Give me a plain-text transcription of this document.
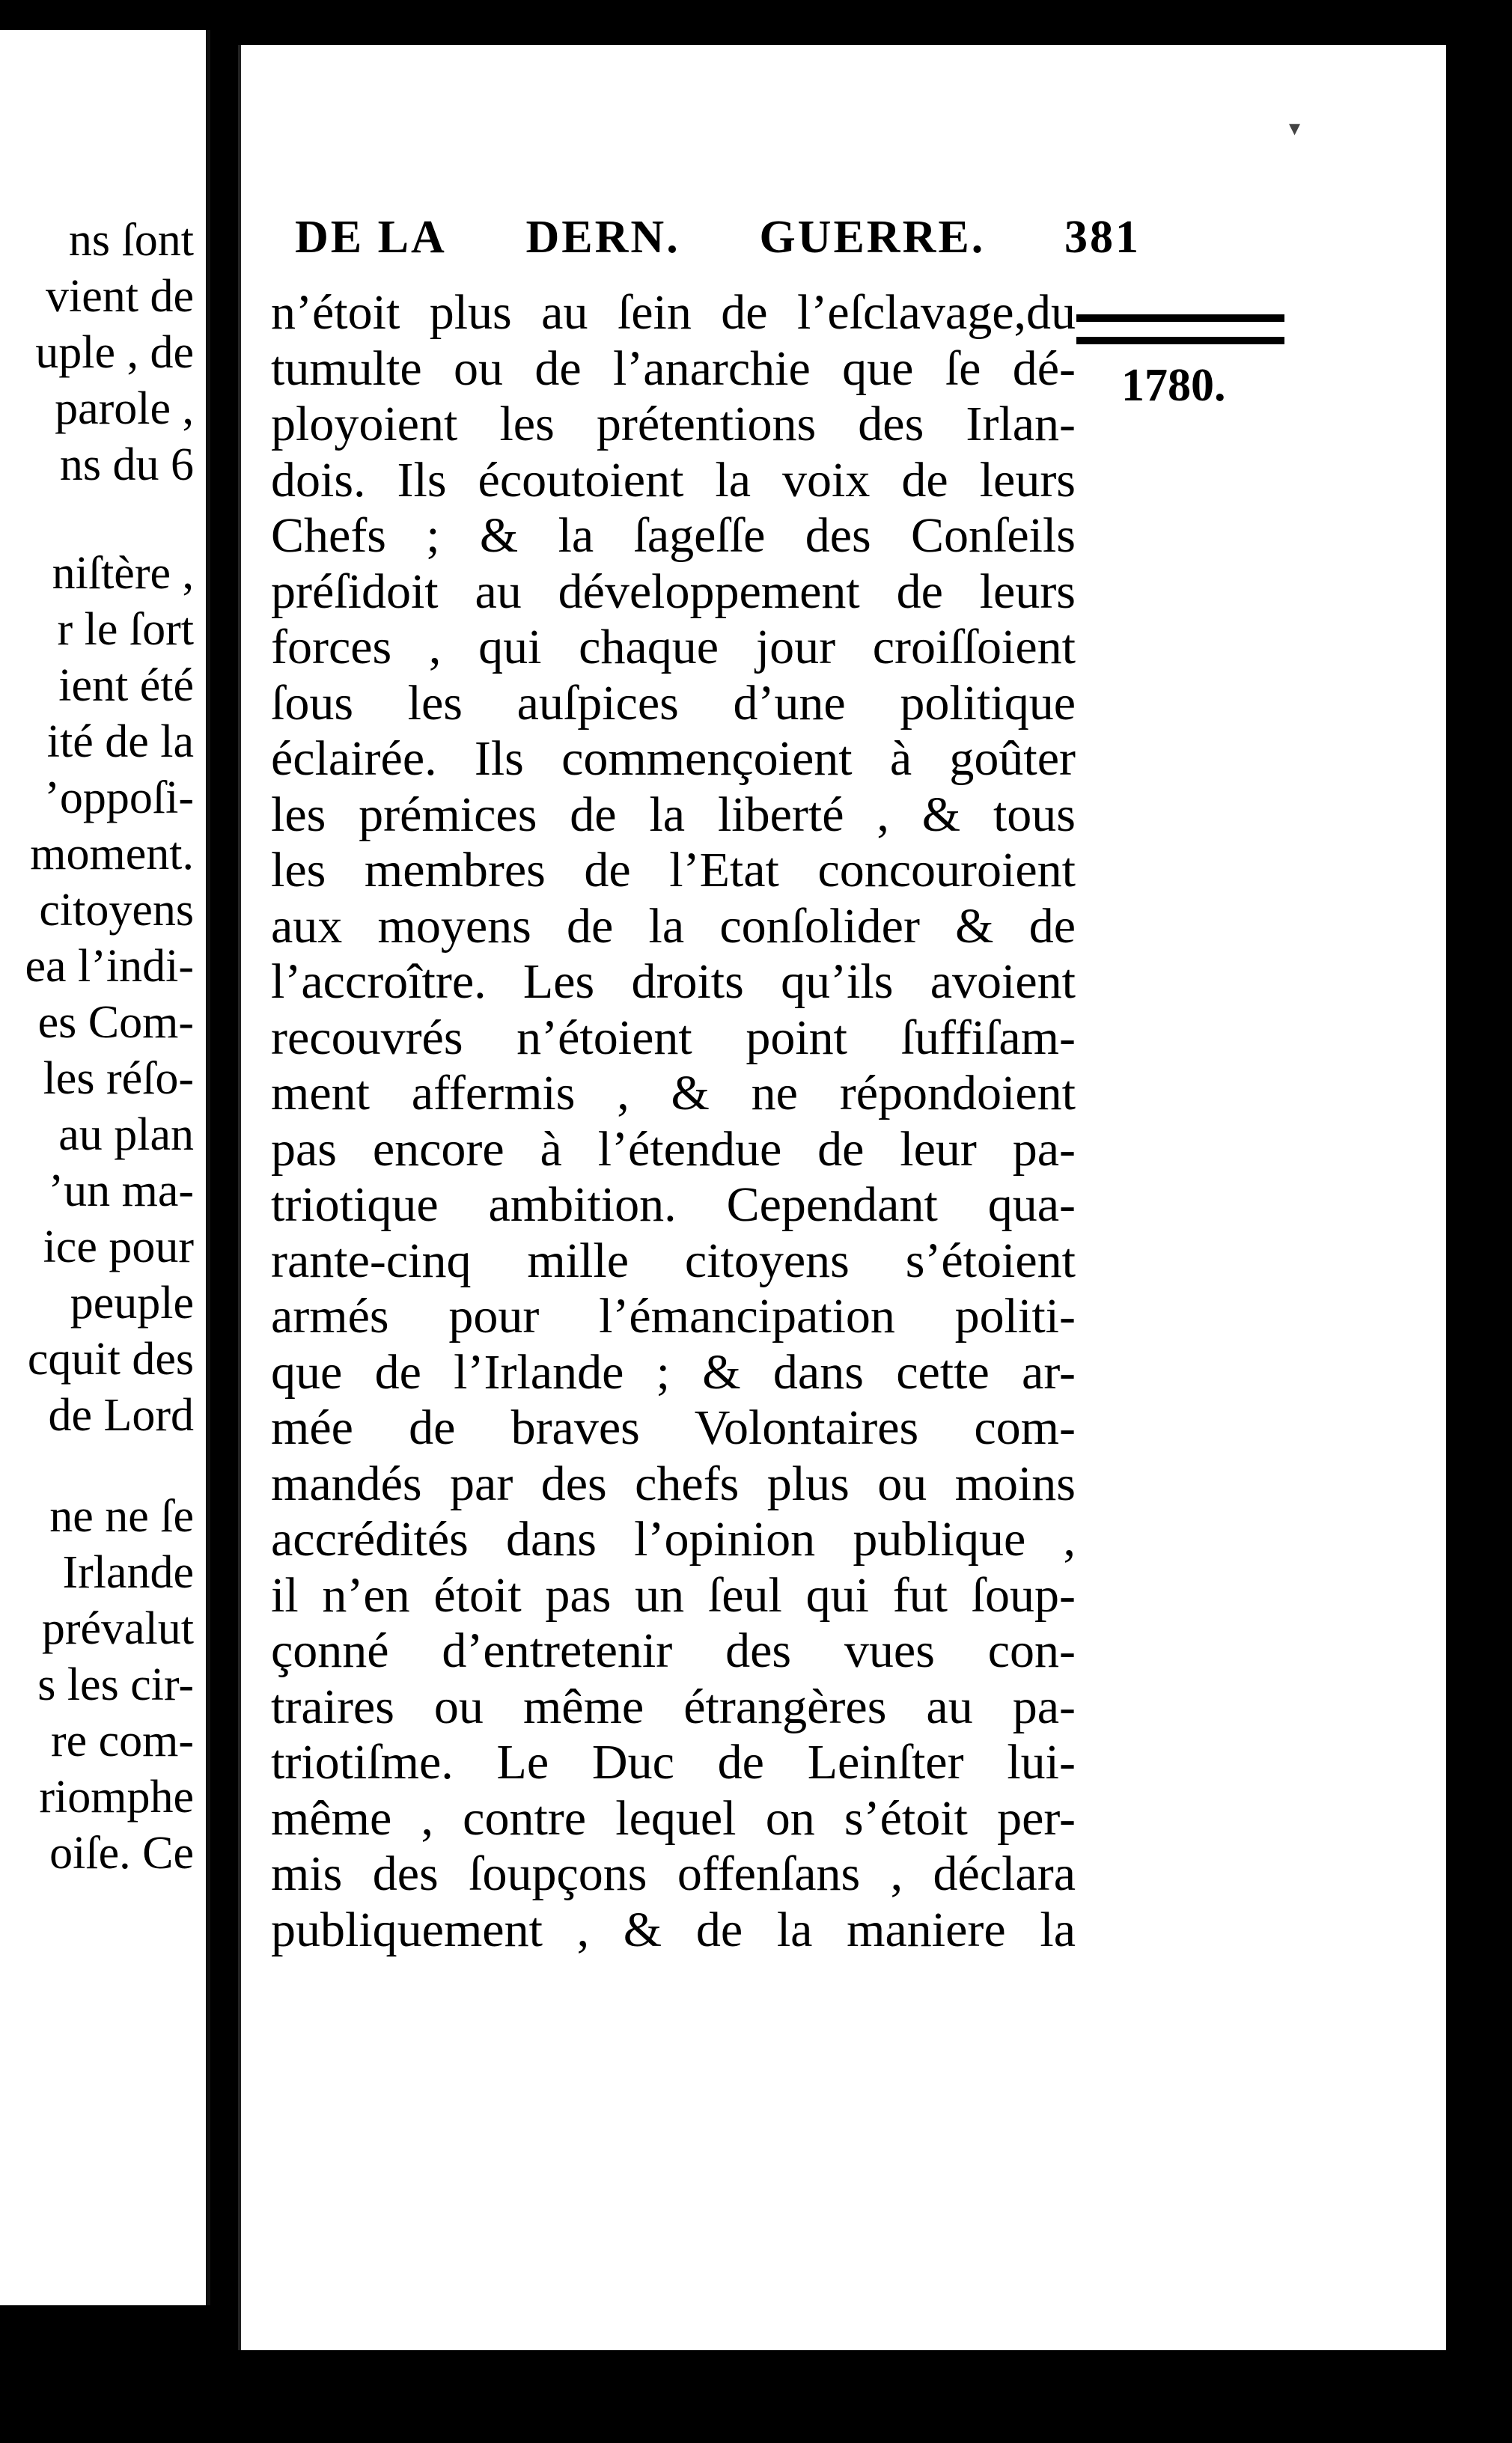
ns ſont
vient de
uple , de
parole ,
ns du 6
niſtère ,
r le ſort
ient été
ité de la
’oppoſi-
moment.
citoyens
ea l’indi-
es Com-
les réſo-
au plan
’un ma-
ice pour
peuple
cquit des
de Lord
ne ne ſe
Irlande
prévalut
s les cir-
re com-
riomphe
oiſe. Ce
▾
DE LA DERN. GUERRE. 381
1780.
n’étoit plus au ſein de l’eſclavage,du
tumulte ou de l’anarchie que ſe dé-
ployoient les prétentions des Irlan-
dois. Ils écoutoient la voix de leurs
Chefs ; & la ſageſſe des Conſeils
préſidoit au développement de leurs
forces , qui chaque jour croiſſoient
ſous les auſpices d’une politique
éclairée. Ils commençoient à goûter
les prémices de la liberté , & tous
les membres de l’Etat concouroient
aux moyens de la conſolider & de
l’accroître. Les droits qu’ils avoient
recouvrés n’étoient point ſuffiſam-
ment affermis , & ne répondoient
pas encore à l’étendue de leur pa-
triotique ambition. Cependant qua-
rante-cinq mille citoyens s’étoient
armés pour l’émancipation politi-
que de l’Irlande ; & dans cette ar-
mée de braves Volontaires com-
mandés par des chefs plus ou moins
accrédités dans l’opinion publique ,
il n’en étoit pas un ſeul qui fut ſoup-
çonné d’entretenir des vues con-
traires ou même étrangères au pa-
triotiſme. Le Duc de Leinſter lui-
même , contre lequel on s’étoit per-
mis des ſoupçons offenſans , déclara
publiquement , & de la maniere la
